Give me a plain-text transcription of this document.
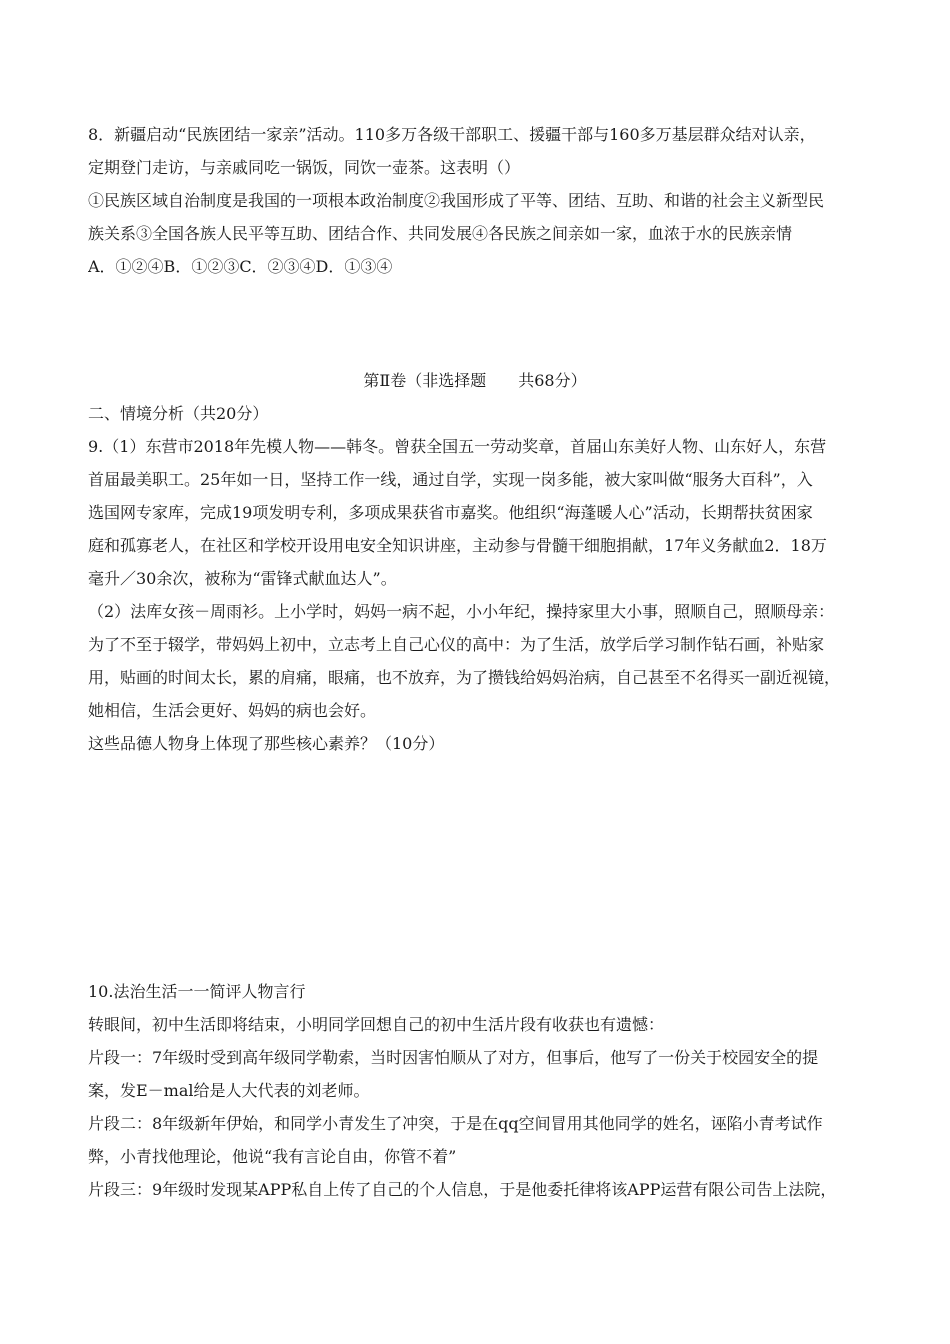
8．新疆启动“民族团结一家亲”活动。110多万各级干部职工、援疆干部与160多万基层群众结对认亲，
定期登门走访，与亲戚同吃一锅饭，同饮一壶茶。这表明（）
①民族区域自治制度是我国的一项根本政治制度②我国形成了平等、团结、互助、和谐的社会主义新型民
族关系③全国各族人民平等互助、团结合作、共同发展④各民族之间亲如一家，血浓于水的民族亲情
A．①②④B．①②③C．②③④D．①③④
第Ⅱ卷（非选择题　　共68分）
二、情境分析（共20分）
9.（1）东营市2018年先模人物——韩冬。曾获全国五一劳动奖章，首届山东美好人物、山东好人，东营
首届最美职工。25年如一日，坚持工作一线，通过自学，实现一岗多能，被大家叫做“服务大百科”，入
选国网专家库，完成19项发明专利，多项成果获省市嘉奖。他组织“海蓬暖人心”活动，长期帮扶贫困家
庭和孤寡老人，在社区和学校开设用电安全知识讲座，主动参与骨髓干细胞捐献，17年义务献血2．18万
毫升／30余次，被称为“雷锋式献血达人”。
（2）法库女孩－周雨衫。上小学时，妈妈一病不起，小小年纪，操持家里大小事，照顺自己，照顺母亲：
为了不至于辍学，带妈妈上初中，立志考上自己心仪的高中：为了生活，放学后学习制作钻石画，补贴家
用，贴画的时间太长，累的肩痛，眼痛，也不放弃，为了攒钱给妈妈治病，自己甚至不名得买一副近视镜，
她相信，生活会更好、妈妈的病也会好。
这些品德人物身上体现了那些核心素养？（10分）
10.法治生活一一简评人物言行
转眼间，初中生活即将结束，小明同学回想自己的初中生活片段有收获也有遗憾：
片段一：7年级时受到高年级同学勒索，当时因害怕顺从了对方，但事后，他写了一份关于校园安全的提
案，发E－mal给是人大代表的刘老师。
片段二：8年级新年伊始，和同学小青发生了冲突，于是在qq空间冒用其他同学的姓名，诬陷小青考试作
弊，小青找他理论，他说“我有言论自由，你管不着”
片段三：9年级时发现某APP私自上传了自己的个人信息，于是他委托律将该APP运营有限公司告上法院，
